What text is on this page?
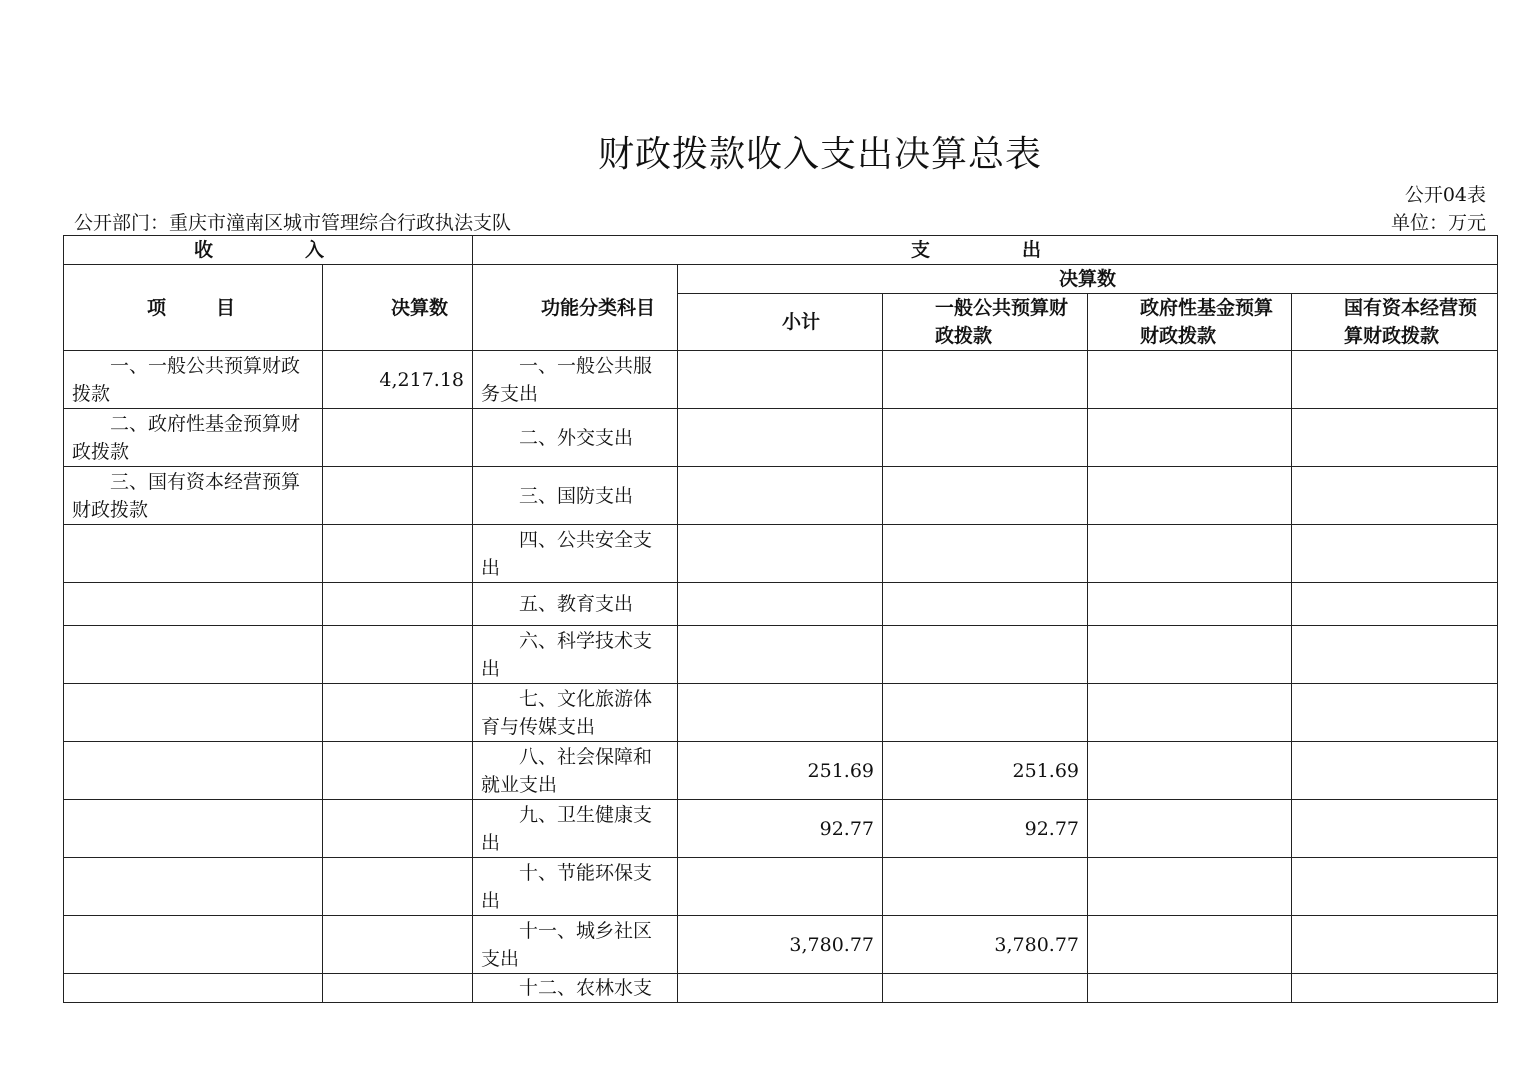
财政拨款收入支出决算总表
公开04表
公开部门：重庆市潼南区城市管理综合行政执法支队	单位：万元
收　　入		支　　出				
项　　目	决算数	功能分类科目	决算数			
			小计	一般公共预算财政拨款	政府性基金预算财政拨款	国有资本经营预算财政拨款
一、一般公共预算财政拨款	4,217.18	一、一般公共服务支出				
二、政府性基金预算财政拨款		二、外交支出				
三、国有资本经营预算财政拨款		三、国防支出				
		四、公共安全支出				
		五、教育支出				
		六、科学技术支出				
		七、文化旅游体育与传媒支出				
		八、社会保障和就业支出	251.69	251.69		
		九、卫生健康支出	92.77	92.77		
		十、节能环保支出				
		十一、城乡社区支出	3,780.77	3,780.77		
		十二、农林水支				
